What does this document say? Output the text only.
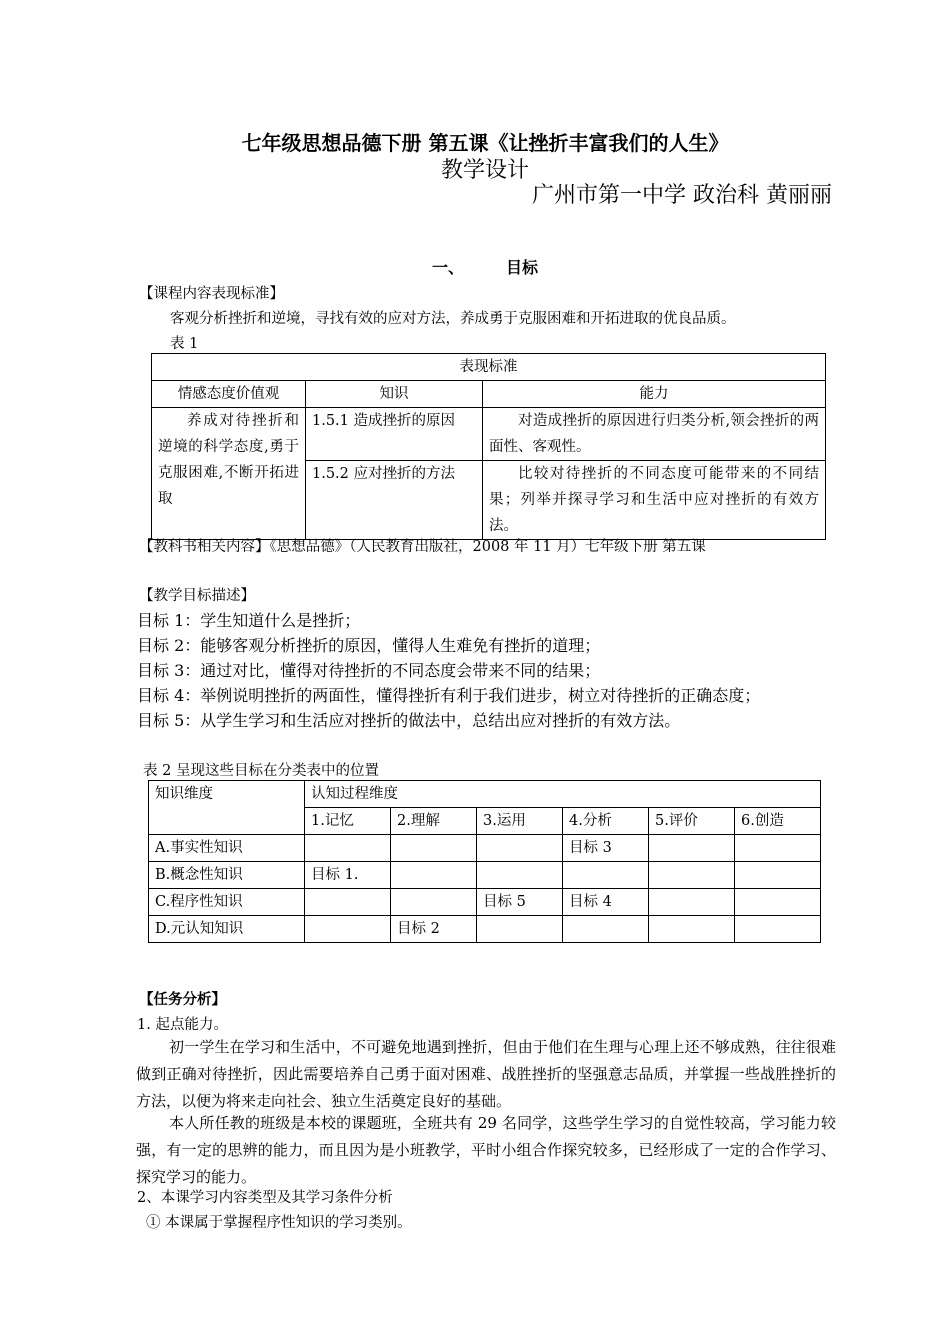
七年级思想品德下册 第五课《让挫折丰富我们的人生》
教学设计
广州市第一中学 政治科 黄丽丽
一、	目标
【课程内容表现标准】
客观分析挫折和逆境，寻找有效的应对方法，养成勇于克服困难和开拓进取的优良品质。
表 1
表现标准		
情感态度价值观	知识	能力
养成对待挫折和逆境的科学态度,勇于克服困难,不断开拓进取	1.5.1 造成挫折的原因	对造成挫折的原因进行归类分析,领会挫折的两面性、客观性。
	1.5.2 应对挫折的方法	比较对待挫折的不同态度可能带来的不同结果；列举并探寻学习和生活中应对挫折的有效方法。
【教科书相关内容】《思想品德》（人民教育出版社，2008 年 11 月）七年级下册 第五课
【教学目标描述】
目标 1：学生知道什么是挫折；
目标 2：能够客观分析挫折的原因，懂得人生难免有挫折的道理；
目标 3：通过对比，懂得对待挫折的不同态度会带来不同的结果；
目标 4：举例说明挫折的两面性，懂得挫折有利于我们进步，树立对待挫折的正确态度；
目标 5：从学生学习和生活应对挫折的做法中，总结出应对挫折的有效方法。
表 2 呈现这些目标在分类表中的位置
知识维度	认知过程维度					
	1.记忆	2.理解	3.运用	4.分析	5.评价	6.创造
A.事实性知识				目标 3		
B.概念性知识	目标 1.					
C.程序性知识			目标 5	目标 4		
D.元认知知识		目标 2				
【任务分析】
1. 起点能力。
初一学生在学习和生活中，不可避免地遇到挫折，但由于他们在生理与心理上还不够成熟，往往很难做到正确对待挫折，因此需要培养自己勇于面对困难、战胜挫折的坚强意志品质，并掌握一些战胜挫折的方法，以便为将来走向社会、独立生活奠定良好的基础。
本人所任教的班级是本校的课题班，全班共有 29 名同学，这些学生学习的自觉性较高，学习能力较强，有一定的思辨的能力，而且因为是小班教学，平时小组合作探究较多，已经形成了一定的合作学习、探究学习的能力。
2、本课学习内容类型及其学习条件分析
① 本课属于掌握程序性知识的学习类别。
